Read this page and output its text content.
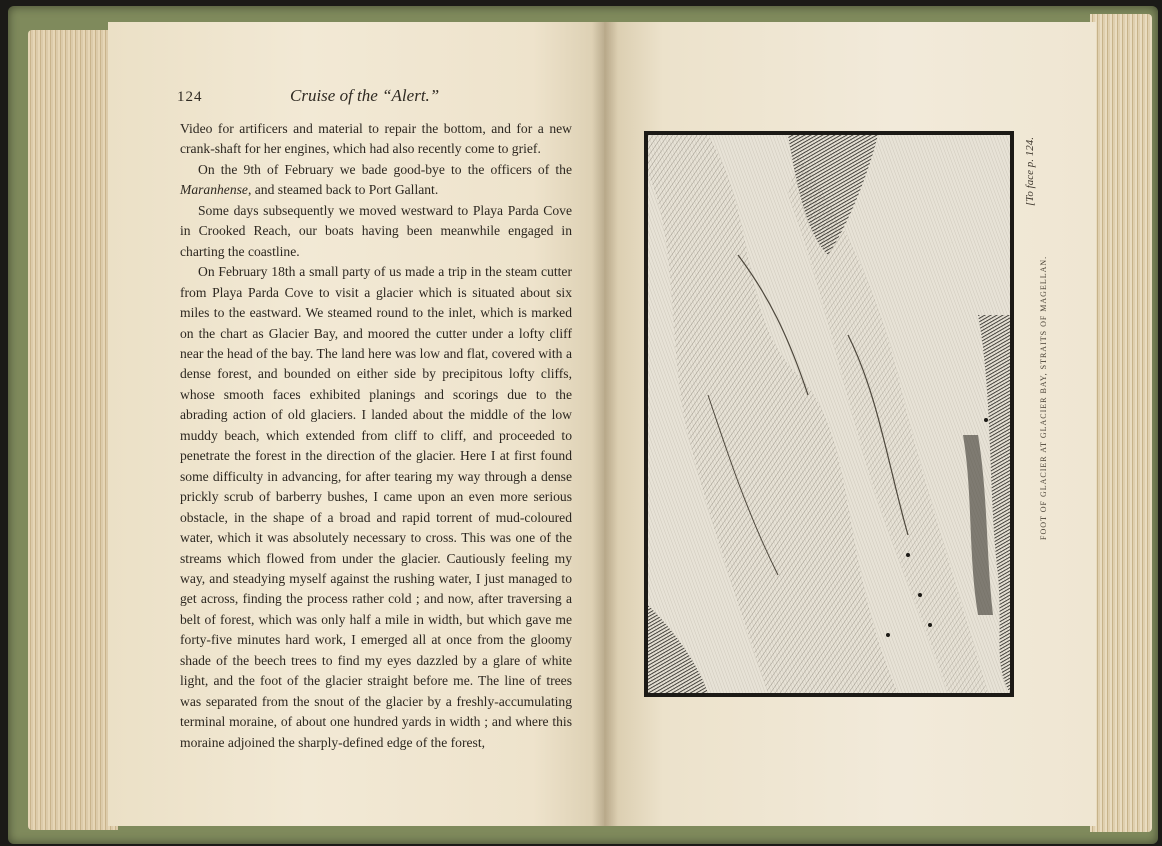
124	Cruise of the “Alert.”

Video for artificers and material to repair the bottom, and for a new crank-shaft for her engines, which had also recently come to grief.

On the 9th of February we bade good-bye to the officers of the Maranhense, and steamed back to Port Gallant.

Some days subsequently we moved westward to Playa Parda Cove in Crooked Reach, our boats having been meanwhile engaged in charting the coastline.

On February 18th a small party of us made a trip in the steam cutter from Playa Parda Cove to visit a glacier which is situated about six miles to the eastward. We steamed round to the inlet, which is marked on the chart as Glacier Bay, and moored the cutter under a lofty cliff near the head of the bay. The land here was low and flat, covered with a dense forest, and bounded on either side by precipitous lofty cliffs, whose smooth faces exhibited planings and scorings due to the abrading action of old glaciers. I landed about the middle of the low muddy beach, which extended from cliff to cliff, and proceeded to penetrate the forest in the direction of the glacier. Here I at first found some difficulty in advancing, for after tearing my way through a dense prickly scrub of barberry bushes, I came upon an even more serious obstacle, in the shape of a broad and rapid torrent of mud-coloured water, which it was absolutely necessary to cross. This was one of the streams which flowed from under the glacier. Cautiously feeling my way, and steadying myself against the rushing water, I just managed to get across, finding the process rather cold ; and now, after traversing a belt of forest, which was only half a mile in width, but which gave me forty-five minutes hard work, I emerged all at once from the gloomy shade of the beech trees to find my eyes dazzled by a glare of white light, and the foot of the glacier straight before me. The line of trees was separated from the snout of the glacier by a freshly-accumulating terminal moraine, of about one hundred yards in width ; and where this moraine adjoined the sharply-defined edge of the forest,

FOOT OF GLACIER AT GLACIER BAY, STRAITS OF MAGELLAN.
[To face p. 124.
